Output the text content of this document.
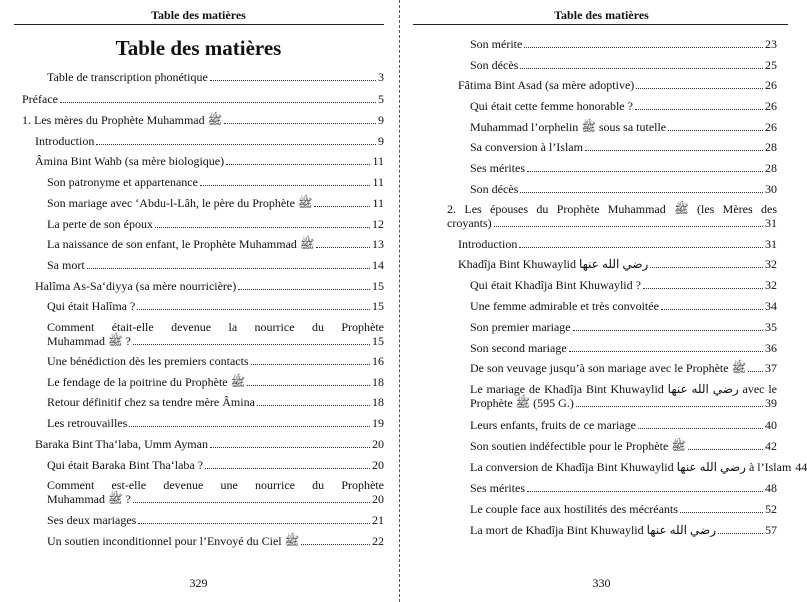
Table des matières
Table des matières
Table de transcription phonétique	3
Préface	5
1. Les mères du Prophète Muhammad ﷺ	9
Introduction	9
Âmina Bint Wahb (sa mère biologique)	11
Son patronyme et appartenance	11
Son mariage avec ‘Abdu-l-Lâh, le père du Prophète ﷺ	11
La perte de son époux	12
La naissance de son enfant, le Prophète Muhammad ﷺ	13
Sa mort	14
Halîma As-Sa‘diyya (sa mère nourricière)	15
Qui était Halîma ?	15
Comment était-elle devenue la nourrice du Prophète
Muhammad ﷺ ?	15
Une bénédiction dès les premiers contacts	16
Le fendage de la poitrine du Prophète ﷺ	18
Retour définitif chez sa tendre mère Âmina	18
Les retrouvailles	19
Baraka Bint Tha‘laba, Umm Ayman	20
Qui était Baraka Bint Tha‘laba ?	20
Comment est-elle devenue une nourrice du Prophète
Muhammad ﷺ ?	20
Ses deux mariages	21
Un soutien inconditionnel pour l’Envoyé du Ciel ﷺ	22
329
Table des matières
Son mérite	23
Son décès	25
Fâtima Bint Asad (sa mère adoptive)	26
Qui était cette femme honorable ?	26
Muhammad l’orphelin ﷺ sous sa tutelle	26
Sa conversion à l’Islam	28
Ses mérites	28
Son décès	30
2. Les épouses du Prophète Muhammad ﷺ (les Mères des
croyants)	31
Introduction	31
Khadîja Bint Khuwaylid رضي الله عنها	32
Qui était Khadîja Bint Khuwaylid ?	32
Une femme admirable et très convoitée	34
Son premier mariage	35
Son second mariage	36
De son veuvage jusqu’à son mariage avec le Prophète ﷺ 37
Le mariage de Khadîja Bint Khuwaylid رضي الله عنها avec le
Prophète ﷺ (595 G.)	39
Leurs enfants, fruits de ce mariage	40
Son soutien indéfectible pour le Prophète ﷺ	42
La conversion de Khadîja Bint Khuwaylid رضي الله عنها à l’Islam 44
Ses mérites	48
Le couple face aux hostilités des mécréants	52
La mort de Khadîja Bint Khuwaylid رضي الله عنها	57
330
